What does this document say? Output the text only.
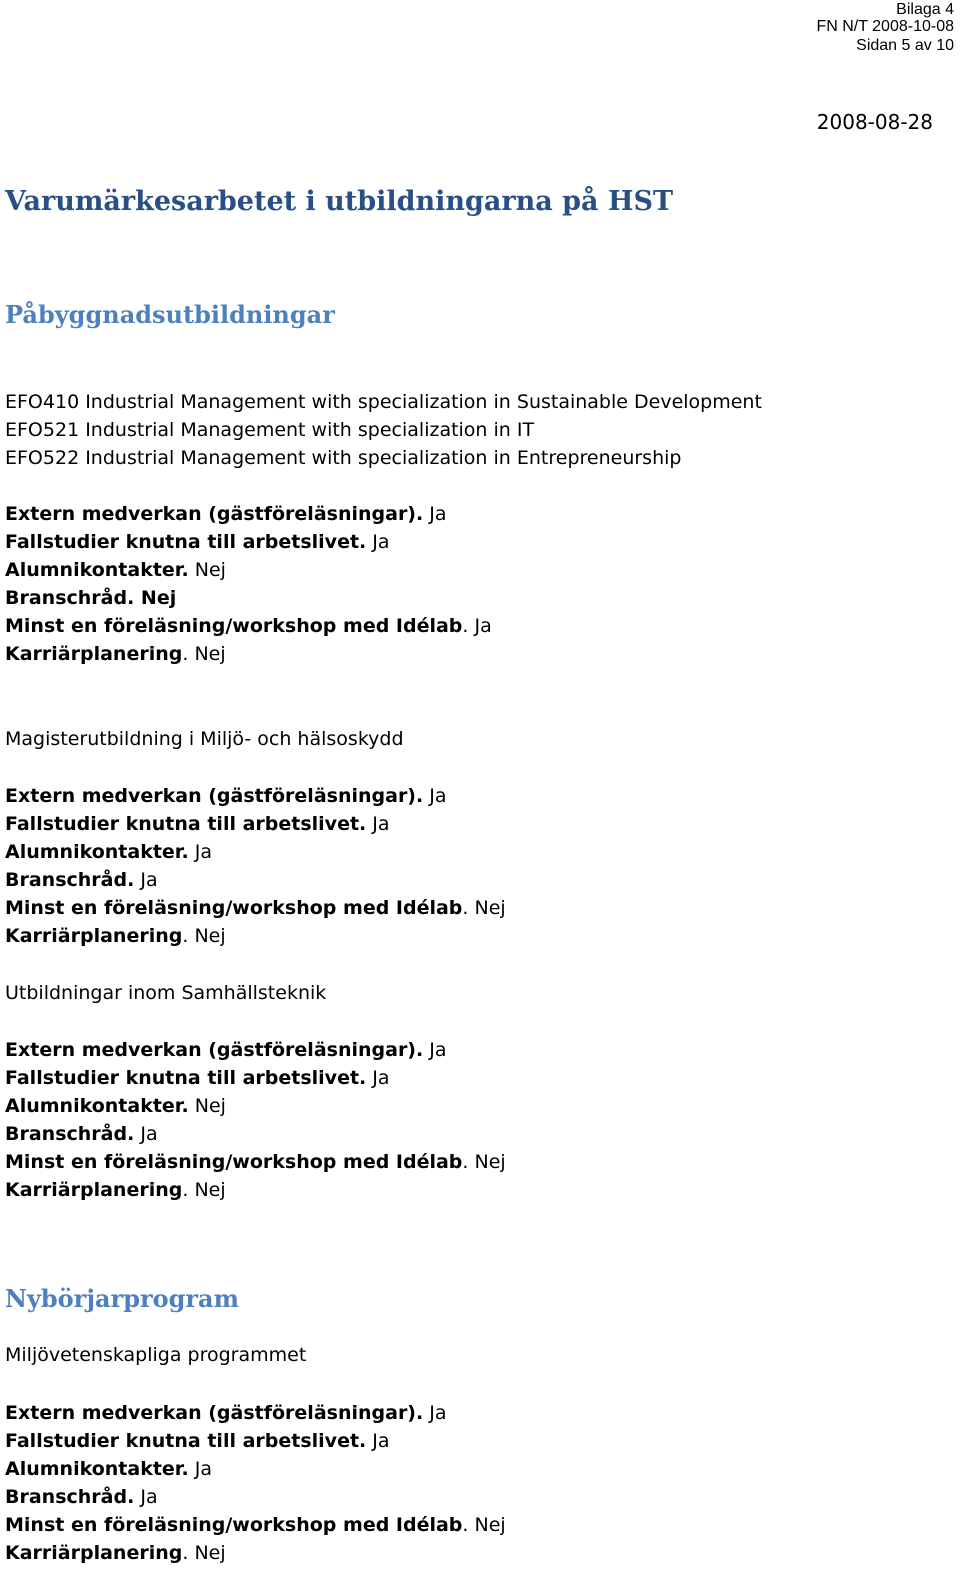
Bilaga 4
FN N/T 2008-10-08
Sidan 5 av 10
2008-08-28
Varumärkesarbetet i utbildningarna på HST
Påbyggnadsutbildningar
EFO410 Industrial Management with specialization in Sustainable Development
EFO521 Industrial Management with specialization in IT
EFO522 Industrial Management with specialization in Entrepreneurship
Extern medverkan (gästföreläsningar). Ja
Fallstudier knutna till arbetslivet. Ja
Alumnikontakter. Nej
Branschråd. Nej
Minst en föreläsning/workshop med Idélab. Ja
Karriärplanering. Nej
Magisterutbildning i Miljö- och hälsoskydd
Extern medverkan (gästföreläsningar). Ja
Fallstudier knutna till arbetslivet. Ja
Alumnikontakter. Ja
Branschråd. Ja
Minst en föreläsning/workshop med Idélab. Nej
Karriärplanering. Nej
Utbildningar inom Samhällsteknik
Extern medverkan (gästföreläsningar). Ja
Fallstudier knutna till arbetslivet. Ja
Alumnikontakter. Nej
Branschråd. Ja
Minst en föreläsning/workshop med Idélab. Nej
Karriärplanering. Nej
Nybörjarprogram
Miljövetenskapliga programmet
Extern medverkan (gästföreläsningar). Ja
Fallstudier knutna till arbetslivet. Ja
Alumnikontakter. Ja
Branschråd. Ja
Minst en föreläsning/workshop med Idélab. Nej
Karriärplanering. Nej
